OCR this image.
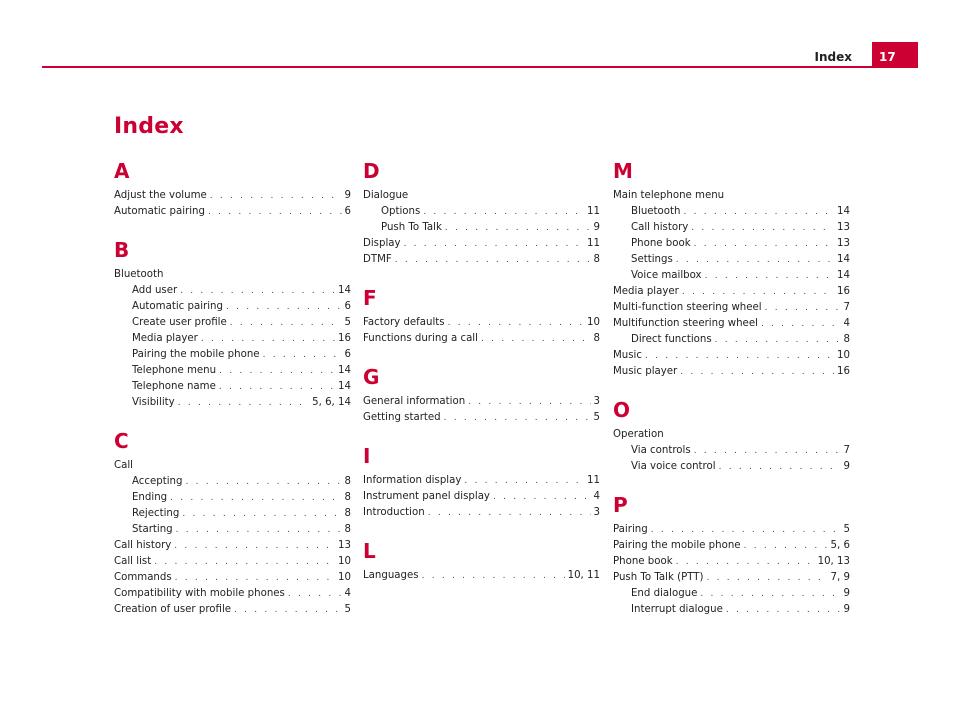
Index	17
Index
A
Adjust the volume . . .	9
Automatic pairing . . .	6
B
Bluetooth
Add user . . .	14
Automatic pairing . . .	6
Create user profile . . .	5
Media player . . .	16
Pairing the mobile phone . . .	6
Telephone menu . . .	14
Telephone name . . .	14
Visibility . . .	5, 6, 14
C
Call
Accepting . . .	8
Ending . . .	8
Rejecting . . .	8
Starting . . .	8
Call history . . .	13
Call list . . .	10
Commands . . .	10
Compatibility with mobile phones . . .	4
Creation of user profile . . .	5
D
Dialogue
Options . . .	11
Push To Talk . . .	9
Display . . .	11
DTMF . . .	8
F
Factory defaults . . .	10
Functions during a call . . .	8
G
General information . . .	3
Getting started . . .	5
I
Information display . . .	11
Instrument panel display . . .	4
Introduction . . .	3
L
Languages . . .	10, 11
M
Main telephone menu
Bluetooth . . .	14
Call history . . .	13
Phone book . . .	13
Settings . . .	14
Voice mailbox . . .	14
Media player . . .	16
Multi-function steering wheel . . .	7
Multifunction steering wheel . . .	4
Direct functions . . .	8
Music . . .	10
Music player . . .	16
O
Operation
Via controls . . .	7
Via voice control . . .	9
P
Pairing . . .	5
Pairing the mobile phone . . .	5, 6
Phone book . . .	10, 13
Push To Talk (PTT) . . .	7, 9
End dialogue . . .	9
Interrupt dialogue . . .	9
